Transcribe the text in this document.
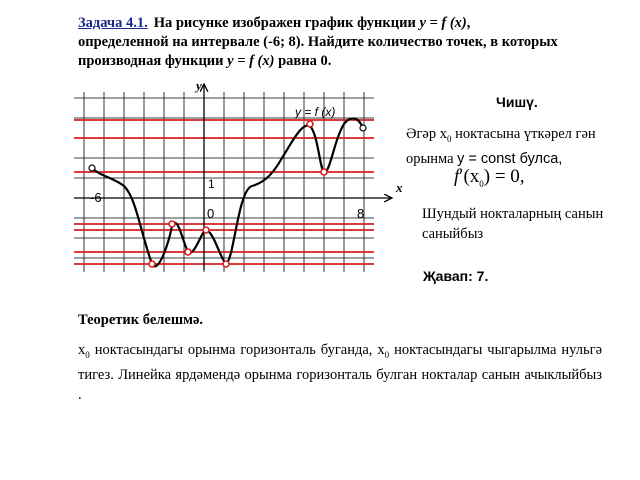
Задача 4.1. На рисунке изображен график функции y = f (x), определенной на интервале (-6; 8). Найдите количество точек, в которых производная функции y = f (x) равна 0.
y
x
y = f (x)
-6
0	8
1
Чишү.
Әгәр $x_0$ ноктасына үткәрел гән орынма y = const булса,
$f'(x_0) = 0$,
Шундый нокталарның санын саныйбыз
Җавап: 7.
Теоретик белешмә.
$x_0$ ноктасындагы орынма горизонталь буганда, $x_0$ ноктасындагы чыгарылма нульгә тигез. Линейка ярдәмендә орынма горизонталь булган нокталар санын ачыклыйбыз .
